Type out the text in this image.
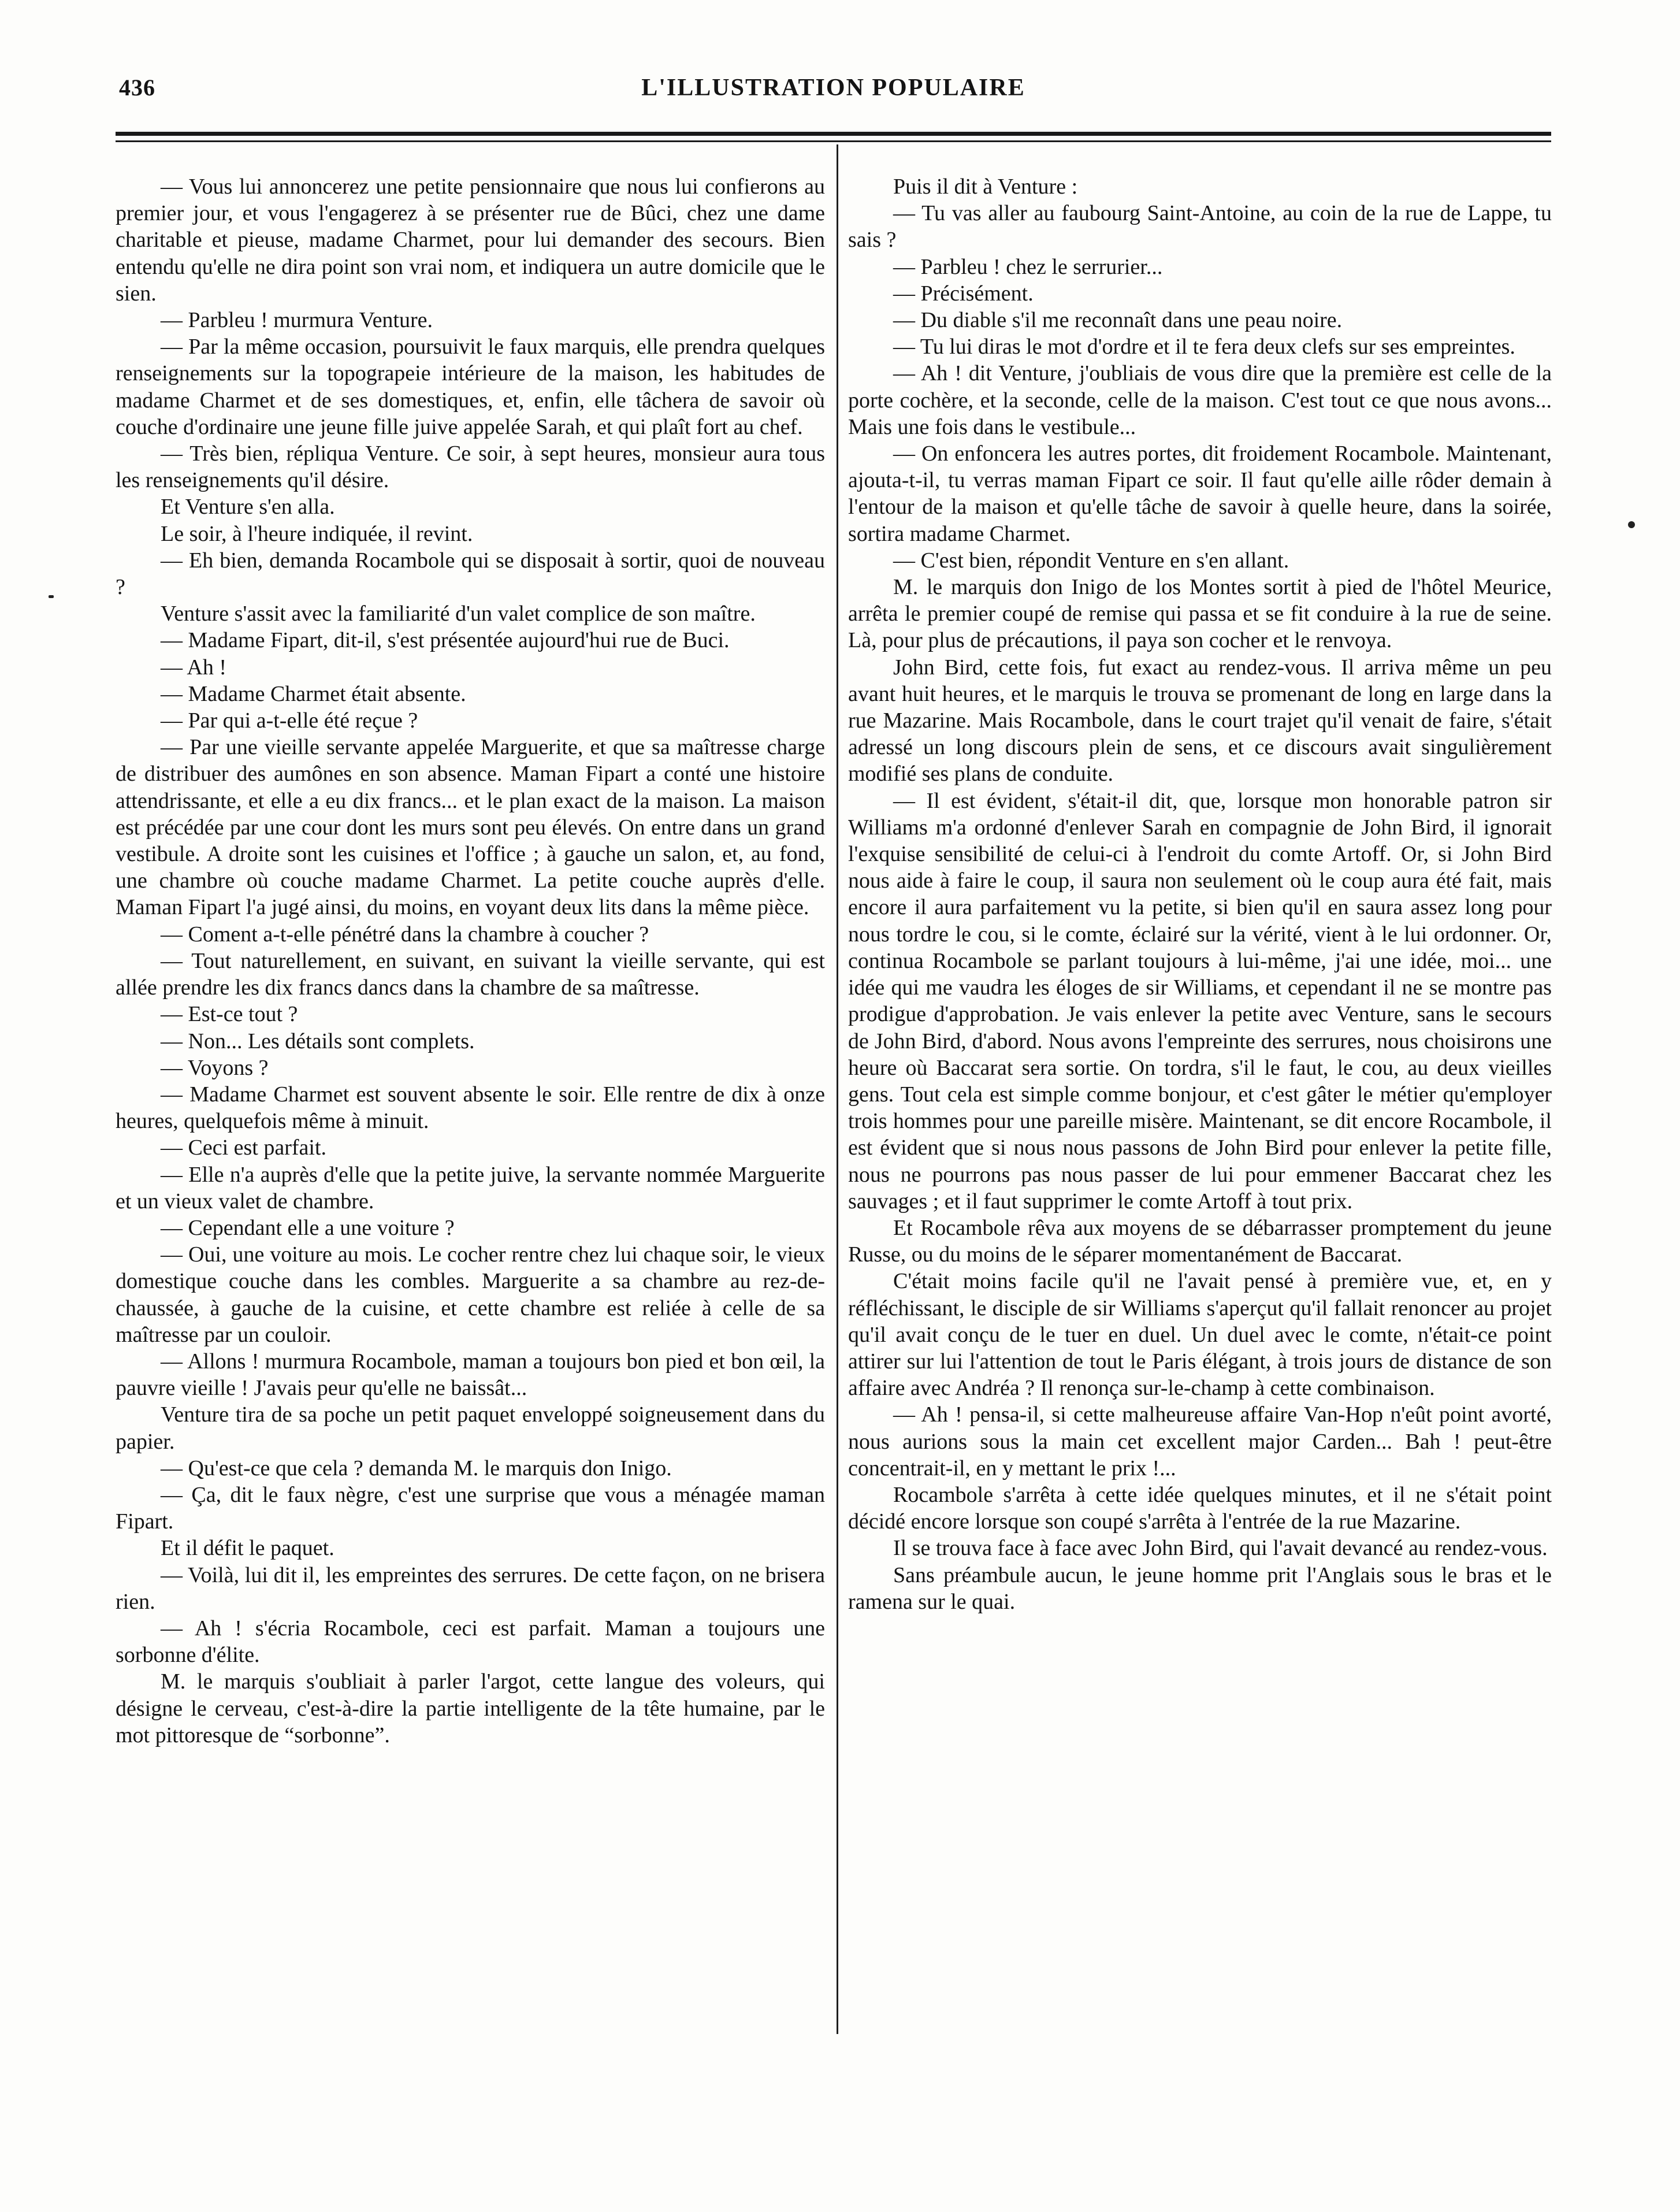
436	L'ILLUSTRATION POPULAIRE

— Vous lui annoncerez une petite pensionnaire que nous lui confierons au premier jour, et vous l'engagerez à se présenter rue de Bûci, chez une dame charitable et pieuse, madame Charmet, pour lui demander des secours. Bien entendu qu'elle ne dira point son vrai nom, et indiquera un autre domicile que le sien.

— Parbleu ! murmura Venture.

— Par la même occasion, poursuivit le faux marquis, elle prendra quelques renseignements sur la topograpeie intérieure de la maison, les habitudes de madame Charmet et de ses domestiques, et, enfin, elle tâchera de savoir où couche d'ordinaire une jeune fille juive appelée Sarah, et qui plaît fort au chef.

— Très bien, répliqua Venture. Ce soir, à sept heures, monsieur aura tous les renseignements qu'il désire.

Et Venture s'en alla.

Le soir, à l'heure indiquée, il revint.

— Eh bien, demanda Rocambole qui se disposait à sortir, quoi de nouveau ?

Venture s'assit avec la familiarité d'un valet complice de son maître.

— Madame Fipart, dit-il, s'est présentée aujourd'hui rue de Buci.

— Ah !

— Madame Charmet était absente.

— Par qui a-t-elle été reçue ?

— Par une vieille servante appelée Marguerite, et que sa maîtresse charge de distribuer des aumônes en son absence. Maman Fipart a conté une histoire attendrissante, et elle a eu dix francs... et le plan exact de la maison. La maison est précédée par une cour dont les murs sont peu élevés. On entre dans un grand vestibule. A droite sont les cuisines et l'office ; à gauche un salon, et, au fond, une chambre où couche madame Charmet. La petite couche auprès d'elle. Maman Fipart l'a jugé ainsi, du moins, en voyant deux lits dans la même pièce.

— Coment a-t-elle pénétré dans la chambre à coucher ?

— Tout naturellement, en suivant, en suivant la vieille servante, qui est allée prendre les dix francs dancs dans la chambre de sa maîtresse.

— Est-ce tout ?

— Non... Les détails sont complets.

— Voyons ?

— Madame Charmet est souvent absente le soir. Elle rentre de dix à onze heures, quelquefois même à minuit.

— Ceci est parfait.

— Elle n'a auprès d'elle que la petite juive, la servante nommée Marguerite et un vieux valet de chambre.

— Cependant elle a une voiture ?

— Oui, une voiture au mois. Le cocher rentre chez lui chaque soir, le vieux domestique couche dans les combles. Marguerite a sa chambre au rez-de-chaussée, à gauche de la cuisine, et cette chambre est reliée à celle de sa maîtresse par un couloir.

— Allons ! murmura Rocambole, maman a toujours bon pied et bon œil, la pauvre vieille ! J'avais peur qu'elle ne baissât...

Venture tira de sa poche un petit paquet enveloppé soigneusement dans du papier.

— Qu'est-ce que cela ? demanda M. le marquis don Inigo.

— Ça, dit le faux nègre, c'est une surprise que vous a ménagée maman Fipart.

Et il défit le paquet.

— Voilà, lui dit il, les empreintes des serrures. De cette façon, on ne brisera rien.

— Ah ! s'écria Rocambole, ceci est parfait. Maman a toujours une sorbonne d'élite.

M. le marquis s'oubliait à parler l'argot, cette langue des voleurs, qui désigne le cerveau, c'est-à-dire la partie intelligente de la tête humaine, par le mot pittoresque de “sorbonne”.

Puis il dit à Venture :

— Tu vas aller au faubourg Saint-Antoine, au coin de la rue de Lappe, tu sais ?

— Parbleu ! chez le serrurier...

— Précisément.

— Du diable s'il me reconnaît dans une peau noire.

— Tu lui diras le mot d'ordre et il te fera deux clefs sur ses empreintes.

— Ah ! dit Venture, j'oubliais de vous dire que la première est celle de la porte cochère, et la seconde, celle de la maison. C'est tout ce que nous avons... Mais une fois dans le vestibule...

— On enfoncera les autres portes, dit froidement Rocambole. Maintenant, ajouta-t-il, tu verras maman Fipart ce soir. Il faut qu'elle aille rôder demain à l'entour de la maison et qu'elle tâche de savoir à quelle heure, dans la soirée, sortira madame Charmet.

— C'est bien, répondit Venture en s'en allant.

M. le marquis don Inigo de los Montes sortit à pied de l'hôtel Meurice, arrêta le premier coupé de remise qui passa et se fit conduire à la rue de seine. Là, pour plus de précautions, il paya son cocher et le renvoya.

John Bird, cette fois, fut exact au rendez-vous. Il arriva même un peu avant huit heures, et le marquis le trouva se promenant de long en large dans la rue Mazarine. Mais Rocambole, dans le court trajet qu'il venait de faire, s'était adressé un long discours plein de sens, et ce discours avait singulièrement modifié ses plans de conduite.

— Il est évident, s'était-il dit, que, lorsque mon honorable patron sir Williams m'a ordonné d'enlever Sarah en compagnie de John Bird, il ignorait l'exquise sensibilité de celui-ci à l'endroit du comte Artoff. Or, si John Bird nous aide à faire le coup, il saura non seulement où le coup aura été fait, mais encore il aura parfaitement vu la petite, si bien qu'il en saura assez long pour nous tordre le cou, si le comte, éclairé sur la vérité, vient à le lui ordonner. Or, continua Rocambole se parlant toujours à lui-même, j'ai une idée, moi... une idée qui me vaudra les éloges de sir Williams, et cependant il ne se montre pas prodigue d'approbation. Je vais enlever la petite avec Venture, sans le secours de John Bird, d'abord. Nous avons l'empreinte des serrures, nous choisirons une heure où Baccarat sera sortie. On tordra, s'il le faut, le cou, au deux vieilles gens. Tout cela est simple comme bonjour, et c'est gâter le métier qu'employer trois hommes pour une pareille misère. Maintenant, se dit encore Rocambole, il est évident que si nous nous passons de John Bird pour enlever la petite fille, nous ne pourrons pas nous passer de lui pour emmener Baccarat chez les sauvages ; et il faut supprimer le comte Artoff à tout prix.

Et Rocambole rêva aux moyens de se débarrasser promptement du jeune Russe, ou du moins de le séparer momentanément de Baccarat.

C'était moins facile qu'il ne l'avait pensé à première vue, et, en y réfléchissant, le disciple de sir Williams s'aperçut qu'il fallait renoncer au projet qu'il avait conçu de le tuer en duel. Un duel avec le comte, n'était-ce point attirer sur lui l'attention de tout le Paris élégant, à trois jours de distance de son affaire avec Andréa ? Il renonça sur-le-champ à cette combinaison.

— Ah ! pensa-il, si cette malheureuse affaire Van-Hop n'eût point avorté, nous aurions sous la main cet excellent major Carden... Bah ! peut-être concentrait-il, en y mettant le prix !...

Rocambole s'arrêta à cette idée quelques minutes, et il ne s'était point décidé encore lorsque son coupé s'arrêta à l'entrée de la rue Mazarine.

Il se trouva face à face avec John Bird, qui l'avait devancé au rendez-vous.

Sans préambule aucun, le jeune homme prit l'Anglais sous le bras et le ramena sur le quai.
